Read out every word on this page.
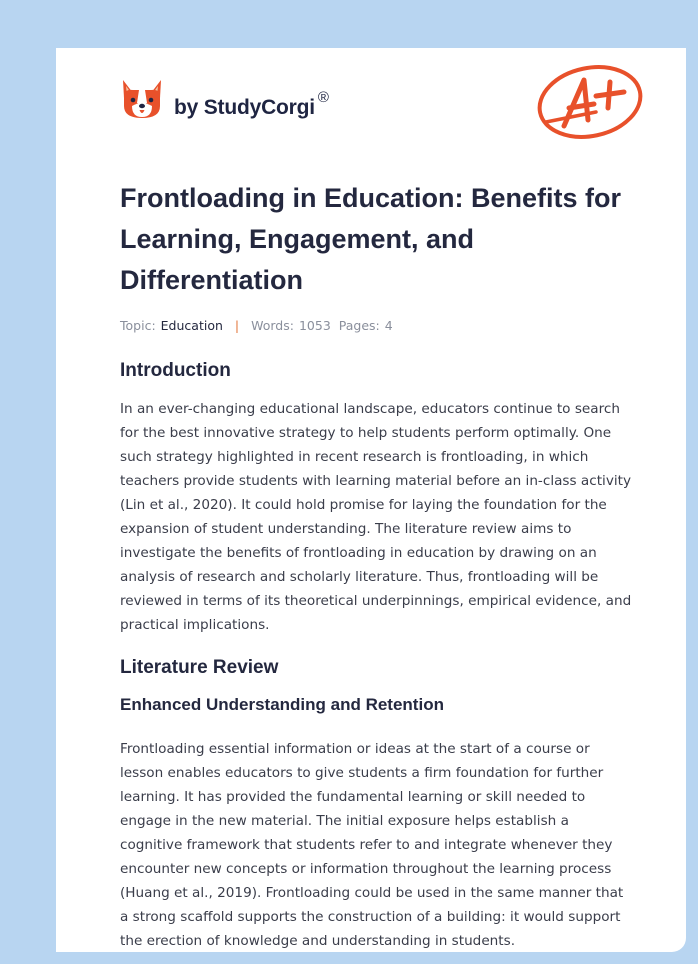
by StudyCorgi ®
Frontloading in Education: Benefits for Learning, Engagement, and Differentiation
Topic: Education | Words: 1053 Pages: 4
Introduction

In an ever-changing educational landscape, educators continue to search for the best innovative strategy to help students perform optimally. One such strategy highlighted in recent research is frontloading, in which teachers provide students with learning material before an in-class activity (Lin et al., 2020). It could hold promise for laying the foundation for the expansion of student understanding. The literature review aims to investigate the benefits of frontloading in education by drawing on an analysis of research and scholarly literature. Thus, frontloading will be reviewed in terms of its theoretical underpinnings, empirical evidence, and practical implications.

Literature Review
Enhanced Understanding and Retention

Frontloading essential information or ideas at the start of a course or lesson enables educators to give students a firm foundation for further learning. It has provided the fundamental learning or skill needed to engage in the new material. The initial exposure helps establish a cognitive framework that students refer to and integrate whenever they encounter new concepts or information throughout the learning process (Huang et al., 2019). Frontloading could be used in the same manner that a strong scaffold supports the construction of a building: it would support the erection of knowledge and understanding in students.
